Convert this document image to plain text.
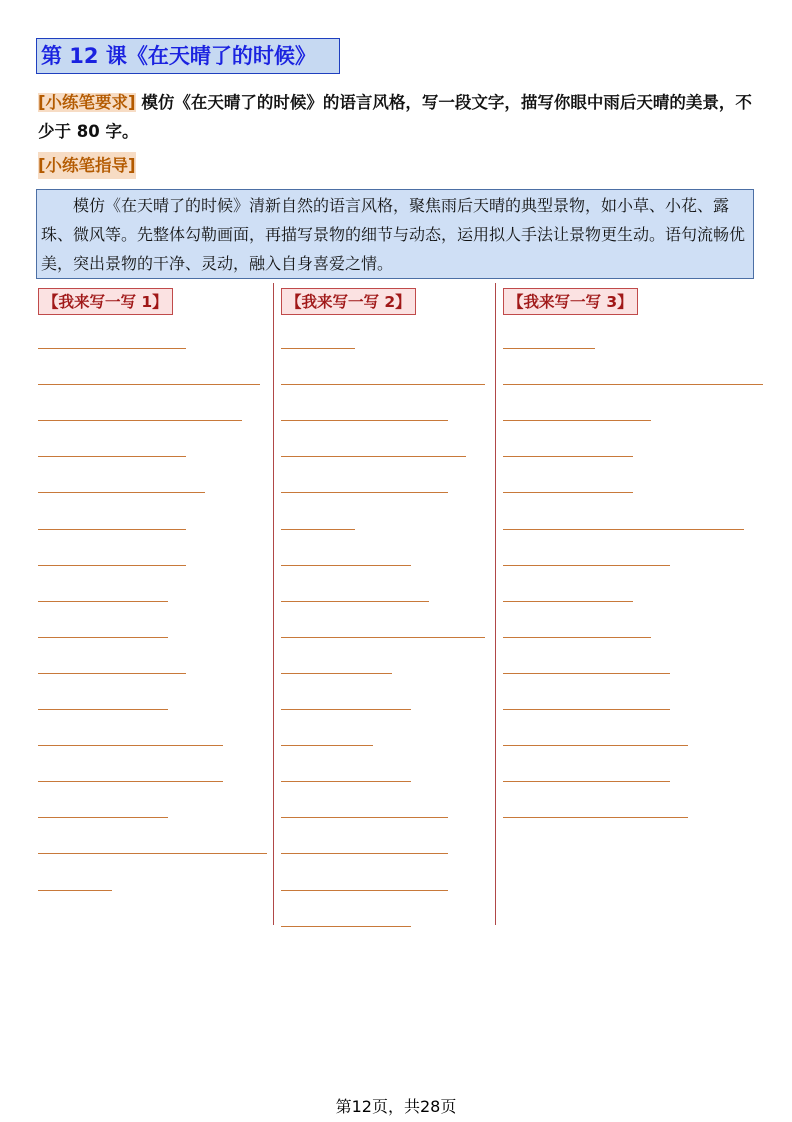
第 12 课《在天晴了的时候》
[小练笔要求] 模仿《在天晴了的时候》的语言风格，写一段文字，描写你眼中雨后天晴的美景，不少于 80 字。
[小练笔指导]
模仿《在天晴了的时候》清新自然的语言风格，聚焦雨后天晴的典型景物，如小草、小花、露珠、微风等。先整体勾勒画面，再描写景物的细节与动态，运用拟人手法让景物更生动。语句流畅优美，突出景物的干净、灵动，融入自身喜爱之情。
【我来写一写 1】	【我来写一写 2】	【我来写一写 3】
第12页，共28页
